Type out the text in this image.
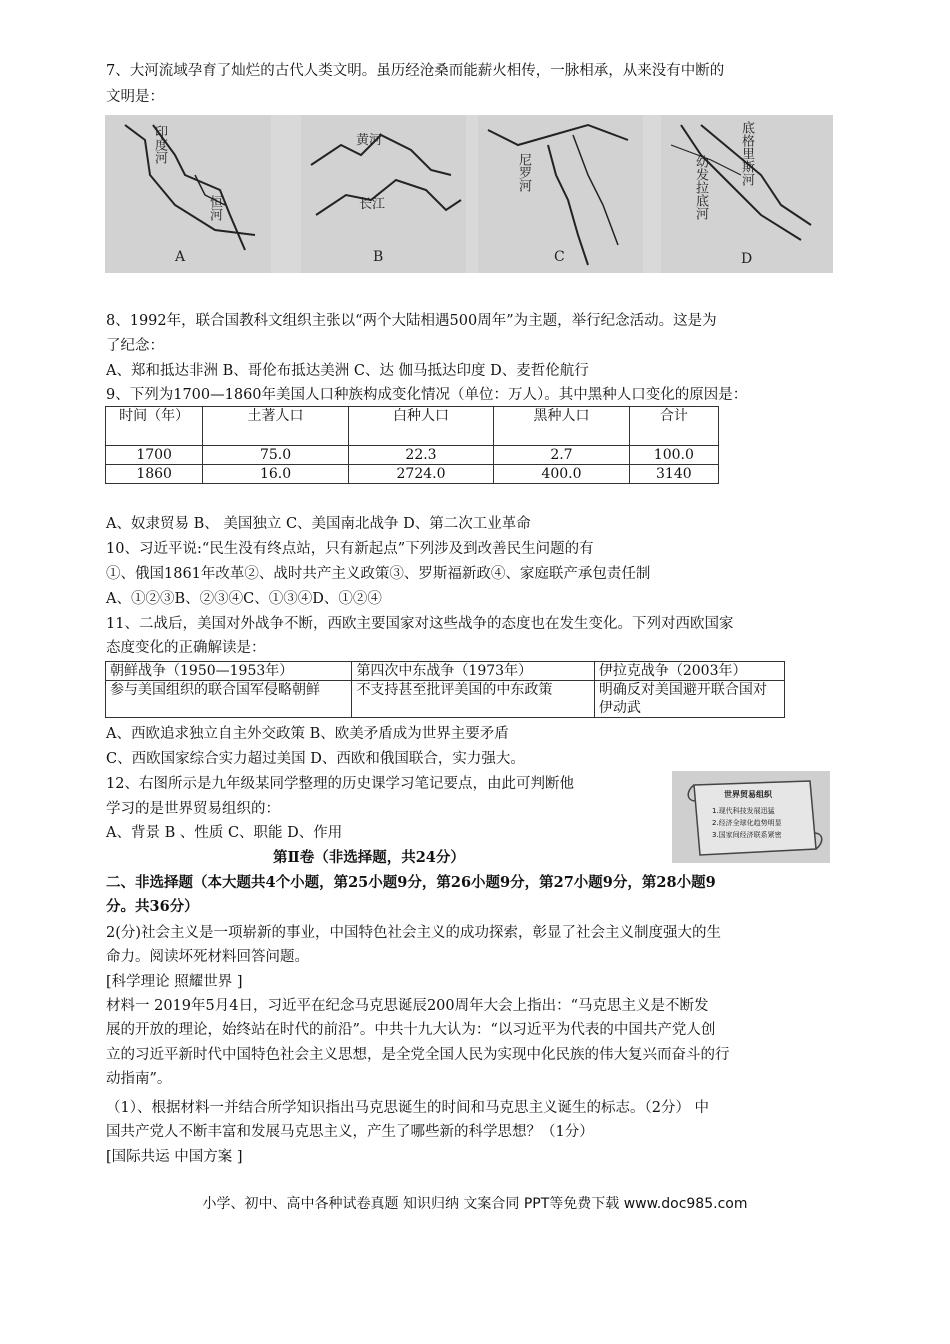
7、大河流域孕育了灿烂的古代人类文明。虽历经沧桑而能薪火相传，一脉相承，从来没有中断的
文明是：
印度河
恒河
A
黄河
长江
B
尼罗河
C
底格里斯河
幼发拉底河
D
8、1992年，联合国教科文组织主张以“两个大陆相遇500周年”为主题，举行纪念活动。这是为
了纪念：
A、郑和抵达非洲 B、哥伦布抵达美洲 C、达 伽马抵达印度 D、麦哲伦航行
9、下列为1700—1860年美国人口种族构成变化情况（单位：万人）。其中黑种人口变化的原因是：
时间（年）	土著人口	白种人口	黑种人口	合计
1700	75.0	22.3	2.7	100.0
1860	16.0	2724.0	400.0	3140
A、奴隶贸易 B、 美国独立 C、美国南北战争 D、第二次工业革命
10、习近平说:“民生没有终点站，只有新起点”下列涉及到改善民生问题的有
①、俄国1861年改革②、战时共产主义政策③、罗斯福新政④、家庭联产承包责任制
A、①②③B、②③④C、①③④D、①②④
11、二战后，美国对外战争不断，西欧主要国家对这些战争的态度也在发生变化。下列对西欧国家
态度变化的正确解读是：
朝鲜战争（1950—1953年）	第四次中东战争（1973年）	伊拉克战争（2003年）
参与美国组织的联合国军侵略朝鲜	不支持甚至批评美国的中东政策	明确反对美国避开联合国对伊动武
A、西欧追求独立自主外交政策 B、欧美矛盾成为世界主要矛盾
C、西欧国家综合实力超过美国 D、西欧和俄国联合，实力强大。
12、右图所示是九年级某同学整理的历史课学习笔记要点，由此可判断他
学习的是世界贸易组织的：
A、背景 B 、性质 C、职能 D、作用
世界贸易组织
1.现代科技发展迅猛
2.经济全球化趋势明显
3.国家间经济联系紧密
第Ⅱ卷（非选择题，共24分）
二、非选择题（本大题共4个小题，第25小题9分，第26小题9分，第27小题9分，第28小题9
分。共36分）
2(分)社会主义是一项崭新的事业，中国特色社会主义的成功探索，彰显了社会主义制度强大的生
命力。阅读坏死材料回答问题。
[科学理论 照耀世界 ]
材料一 2019年5月4日，习近平在纪念马克思诞辰200周年大会上指出：“马克思主义是不断发
展的开放的理论，始终站在时代的前沿”。中共十九大认为：“以习近平为代表的中国共产党人创
立的习近平新时代中国特色社会主义思想，是全党全国人民为实现中化民族的伟大复兴而奋斗的行
动指南”。
（1）、根据材料一并结合所学知识指出马克思诞生的时间和马克思主义诞生的标志。（2分） 中
国共产党人不断丰富和发展马克思主义，产生了哪些新的科学思想？（1分）
[国际共运 中国方案 ]
小学、初中、高中各种试卷真题 知识归纳 文案合同 PPT等免费下载 www.doc985.com
